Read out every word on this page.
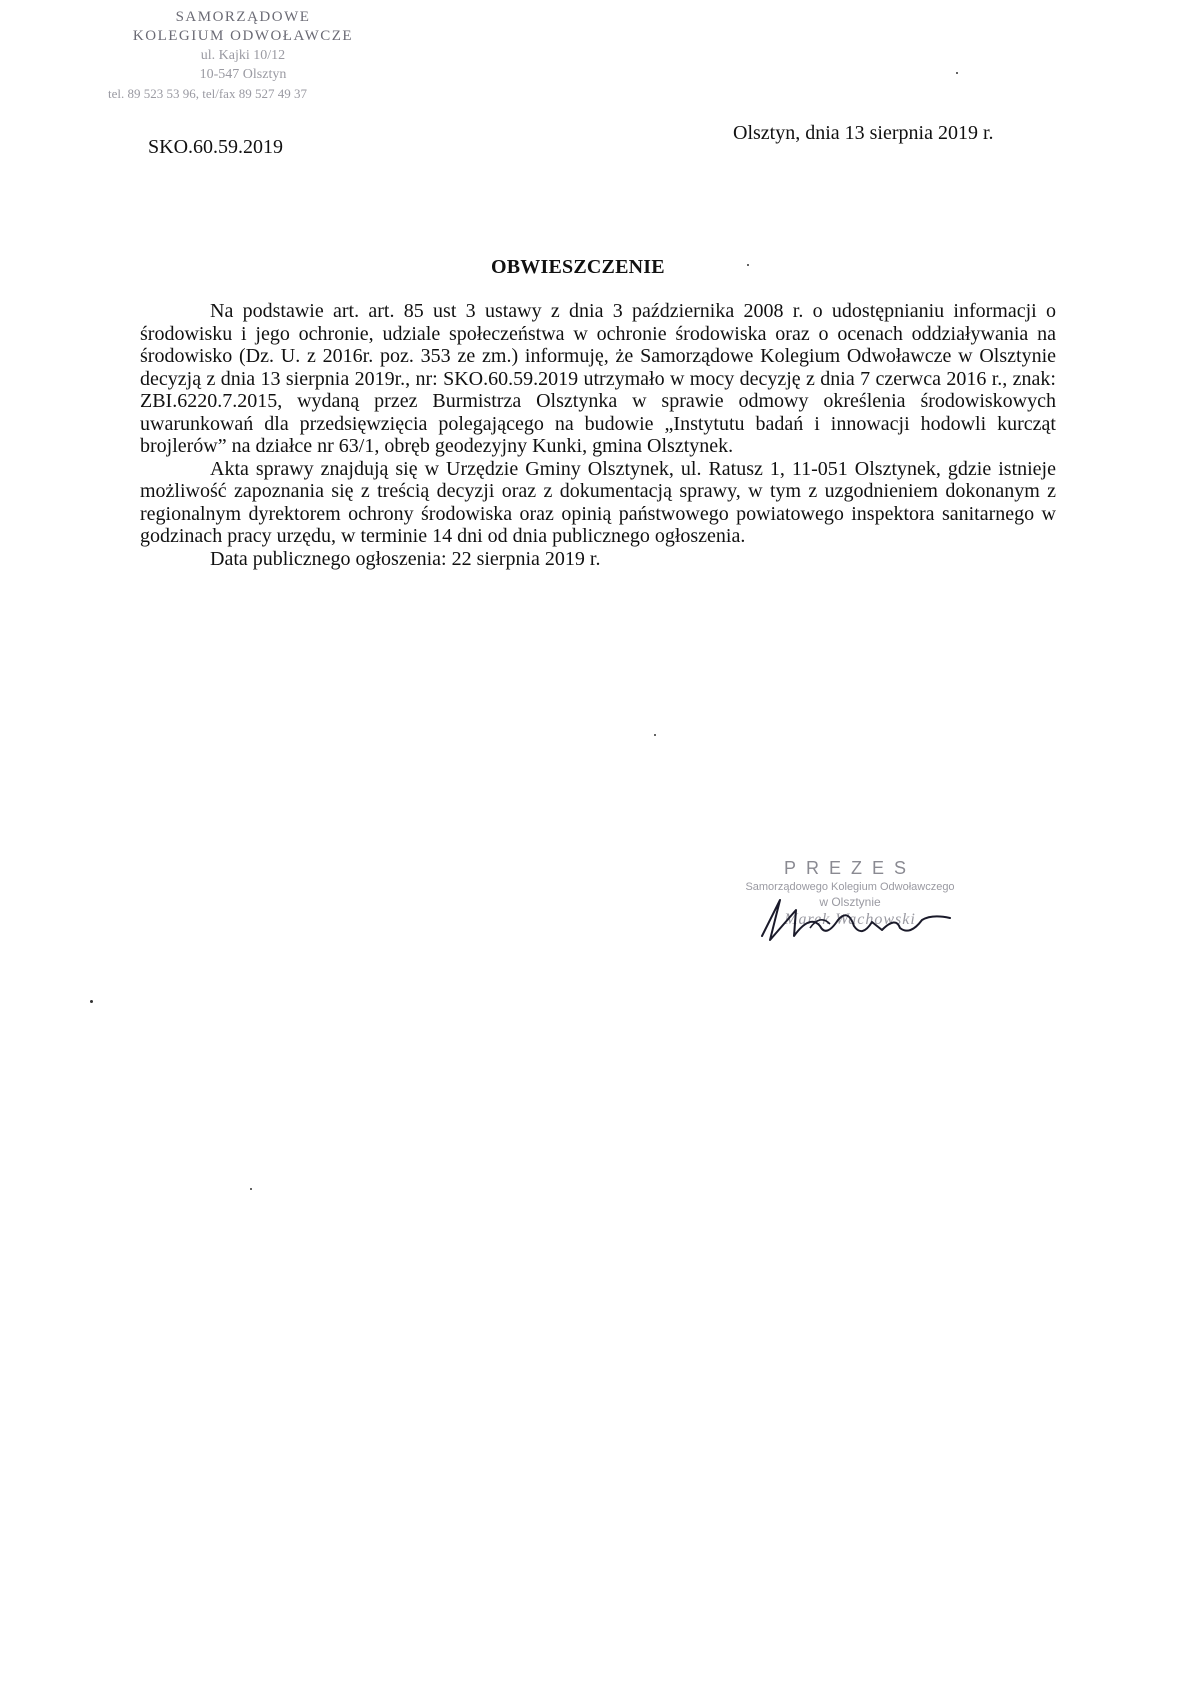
SAMORZĄDOWE
KOLEGIUM ODWOŁAWCZE
ul. Kajki 10/12
10-547 Olsztyn
tel. 89 523 53 96, tel/fax 89 527 49 37
SKO.60.59.2019
Olsztyn, dnia 13 sierpnia 2019 r.
OBWIESZCZENIE

Na podstawie art. art. 85 ust 3 ustawy z dnia 3 października 2008 r. o udostępnianiu informacji o środowisku i jego ochronie, udziale społeczeństwa w ochronie środowiska oraz o ocenach oddziaływania na środowisko (Dz. U. z 2016r. poz. 353 ze zm.) informuję, że Samorządowe Kolegium Odwoławcze w Olsztynie decyzją z dnia 13 sierpnia 2019r., nr: SKO.60.59.2019 utrzymało w mocy decyzję z dnia 7 czerwca 2016 r., znak: ZBI.6220.7.2015, wydaną przez Burmistrza Olsztynka w sprawie odmowy określenia środowiskowych uwarunkowań dla przedsięwzięcia polegającego na budowie „Instytutu badań i innowacji hodowli kurcząt brojlerów” na działce nr 63/1, obręb geodezyjny Kunki, gmina Olsztynek.

Akta sprawy znajdują się w Urzędzie Gminy Olsztynek, ul. Ratusz 1, 11-051 Olsztynek, gdzie istnieje możliwość zapoznania się z treścią decyzji oraz z dokumentacją sprawy, w tym z uzgodnieniem dokonanym z regionalnym dyrektorem ochrony środowiska oraz opinią państwowego powiatowego inspektora sanitarnego w godzinach pracy urzędu, w terminie 14 dni od dnia publicznego ogłoszenia.

Data publicznego ogłoszenia: 22 sierpnia 2019 r.

PREZES
Samorządowego Kolegium Odwoławczego
w Olsztynie
Marek Wachowski
